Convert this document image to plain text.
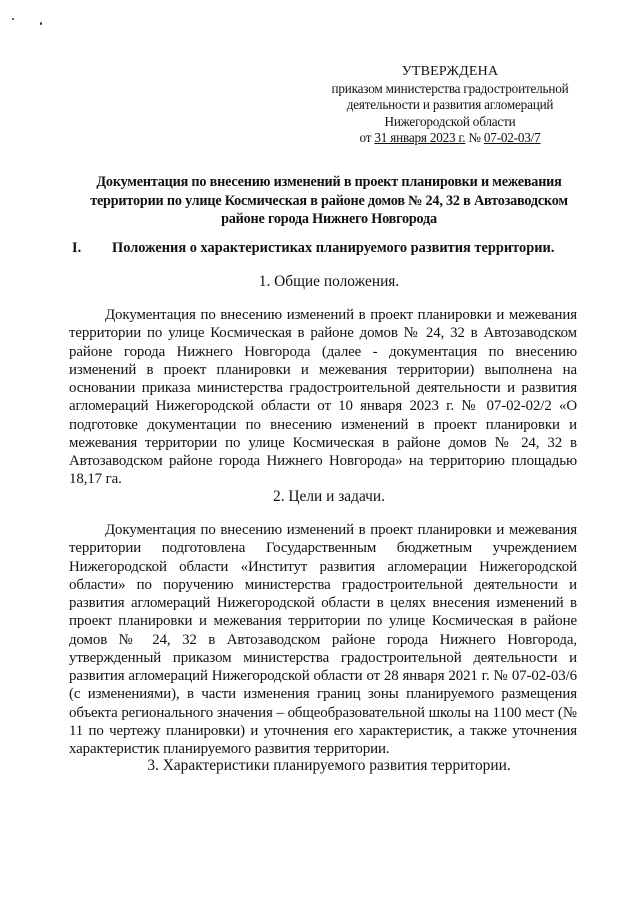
УТВЕРЖДЕНА
приказом министерства градостроительной
деятельности и развития агломераций
Нижегородской области
от 31 января 2023 г. № 07-02-03/7
Документация по внесению изменений в проект планировки и межевания территории по улице Космическая в районе домов № 24, 32 в Автозаводском районе города Нижнего Новгорода
I. Положения о характеристиках планируемого развития территории.
1. Общие положения.
Документация по внесению изменений в проект планировки и межевания территории по улице Космическая в районе домов № 24, 32 в Автозаводском районе города Нижнего Новгорода (далее - документация по внесению изменений в проект планировки и межевания территории) выполнена на основании приказа министерства градостроительной деятельности и развития агломераций Нижегородской области от 10 января 2023 г. № 07-02-02/2 «О подготовке документации по внесению изменений в проект планировки и межевания территории по улице Космическая в районе домов № 24, 32 в Автозаводском районе города Нижнего Новгорода» на территорию площадью 18,17 га.
2. Цели и задачи.
Документация по внесению изменений в проект планировки и межевания территории подготовлена Государственным бюджетным учреждением Нижегородской области «Институт развития агломерации Нижегородской области» по поручению министерства градостроительной деятельности и развития агломераций Нижегородской области в целях внесения изменений в проект планировки и межевания территории по улице Космическая в районе домов № 24, 32 в Автозаводском районе города Нижнего Новгорода, утвержденный приказом министерства градостроительной деятельности и развития агломераций Нижегородской области от 28 января 2021 г. № 07-02-03/6 (с изменениями), в части изменения границ зоны планируемого размещения объекта регионального значения – общеобразовательной школы на 1100 мест (№ 11 по чертежу планировки) и уточнения его характеристик, а также уточнения характеристик планируемого развития территории.
3. Характеристики планируемого развития территории.
